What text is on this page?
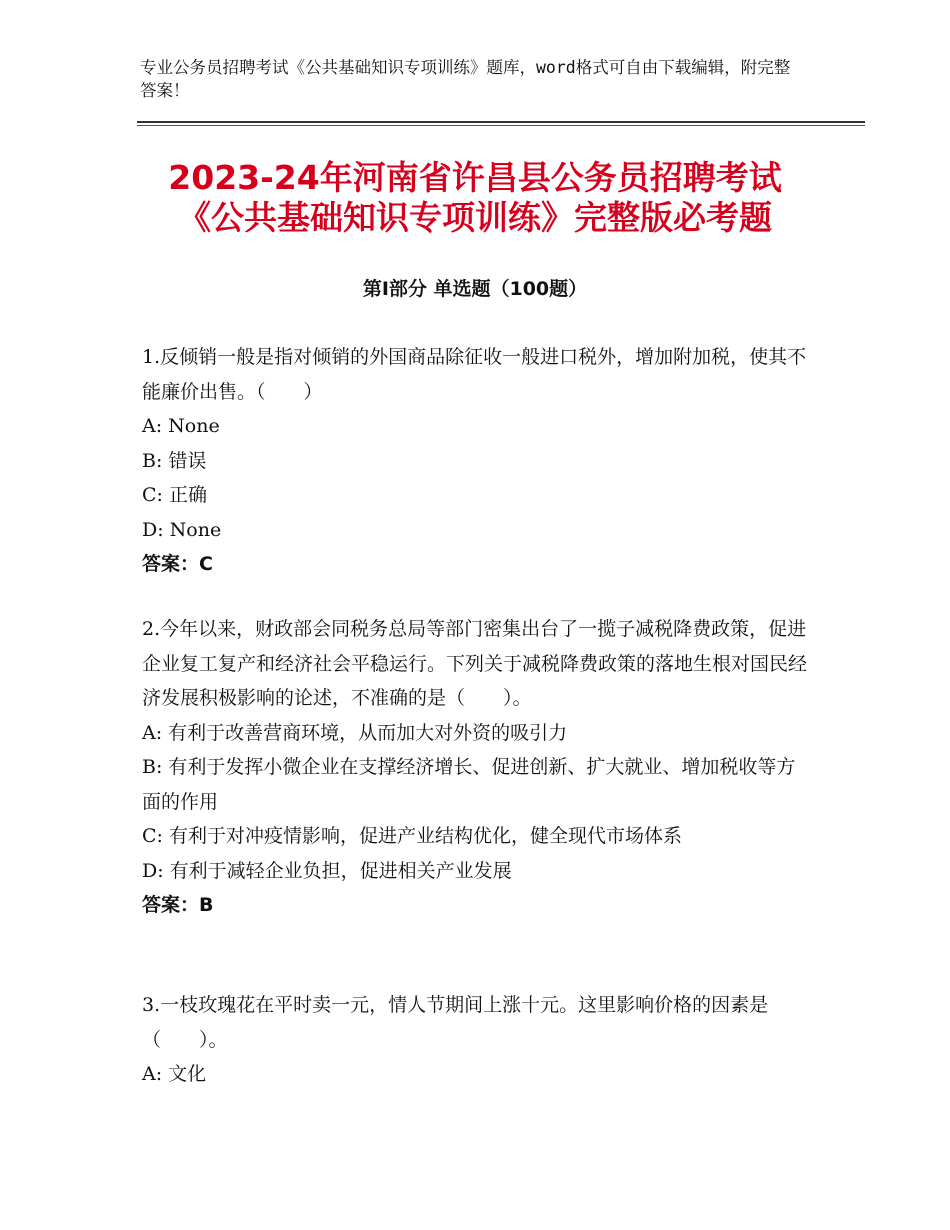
专业公务员招聘考试《公共基础知识专项训练》题库，word格式可自由下载编辑，附完整答案！
2023-24年河南省许昌县公务员招聘考试
《公共基础知识专项训练》完整版必考题
第Ⅰ部分 单选题（100题）
1.反倾销一般是指对倾销的外国商品除征收一般进口税外，增加附加税，使其不能廉价出售。（　　）
A: None
B: 错误
C: 正确
D: None
答案：C
2.今年以来，财政部会同税务总局等部门密集出台了一揽子减税降费政策，促进企业复工复产和经济社会平稳运行。下列关于减税降费政策的落地生根对国民经济发展积极影响的论述，不准确的是（　　）。
A: 有利于改善营商环境，从而加大对外资的吸引力
B: 有利于发挥小微企业在支撑经济增长、促进创新、扩大就业、增加税收等方面的作用
C: 有利于对冲疫情影响，促进产业结构优化，健全现代市场体系
D: 有利于减轻企业负担，促进相关产业发展
答案：B
3.一枝玫瑰花在平时卖一元，情人节期间上涨十元。这里影响价格的因素是（　　）。
A: 文化
